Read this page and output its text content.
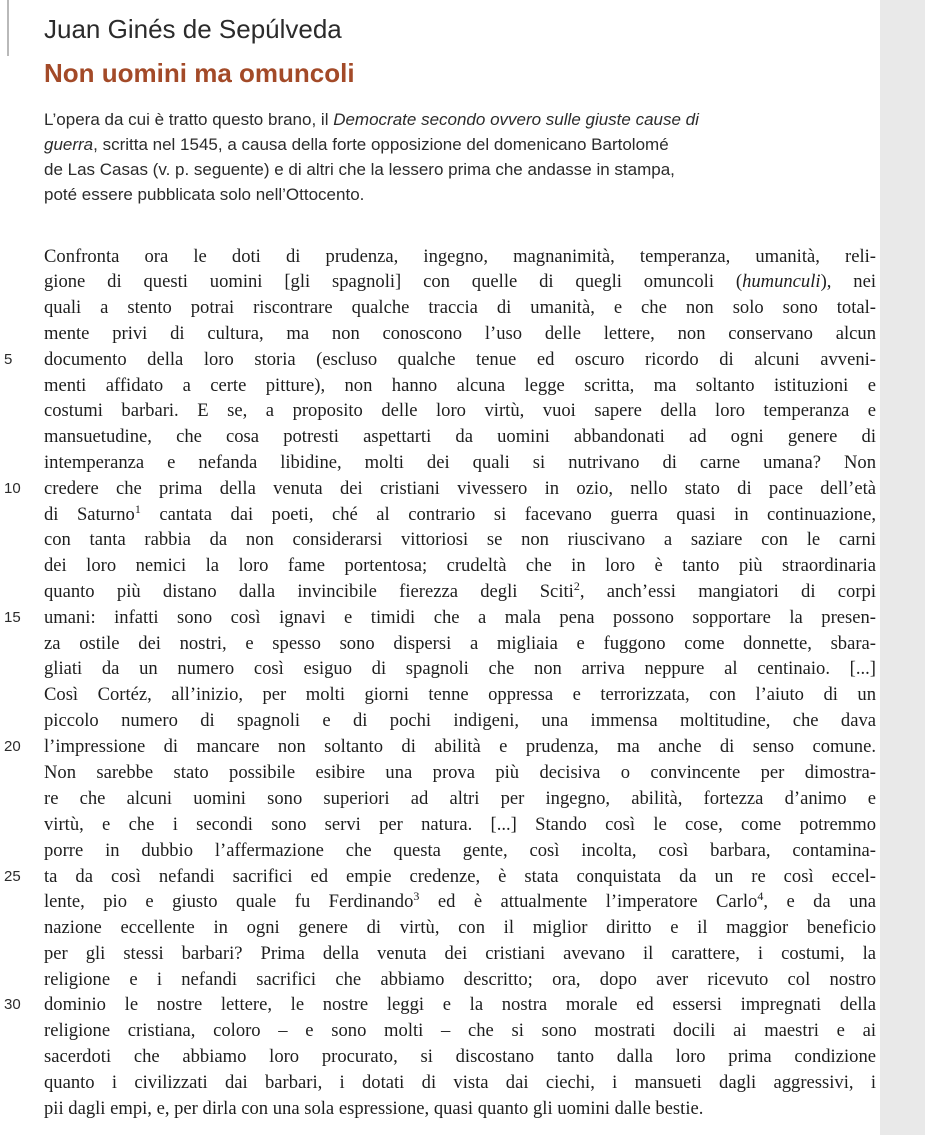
Juan Ginés de Sepúlveda
Non uomini ma omuncoli
L’opera da cui è tratto questo brano, il Democrate secondo ovvero sulle giuste cause di
guerra, scritta nel 1545, a causa della forte opposizione del domenicano Bartolomé
de Las Casas (v. p. seguente) e di altri che la lessero prima che andasse in stampa,
poté essere pubblicata solo nell’Ottocento.
5
10
15
20
25
30
Confronta ora le doti di prudenza, ingegno, magnanimità, temperanza, umanità, reli-
gione di questi uomini [gli spagnoli] con quelle di quegli omuncoli (humunculi), nei
quali a stento potrai riscontrare qualche traccia di umanità, e che non solo sono total-
mente privi di cultura, ma non conoscono l’uso delle lettere, non conservano alcun
documento della loro storia (escluso qualche tenue ed oscuro ricordo di alcuni avveni-
menti affidato a certe pitture), non hanno alcuna legge scritta, ma soltanto istituzioni e
costumi barbari. E se, a proposito delle loro virtù, vuoi sapere della loro temperanza e
mansuetudine, che cosa potresti aspettarti da uomini abbandonati ad ogni genere di
intemperanza e nefanda libidine, molti dei quali si nutrivano di carne umana? Non
credere che prima della venuta dei cristiani vivessero in ozio, nello stato di pace dell’età
di Saturno$^1$ cantata dai poeti, ché al contrario si facevano guerra quasi in continuazione,
con tanta rabbia da non considerarsi vittoriosi se non riuscivano a saziare con le carni
dei loro nemici la loro fame portentosa; crudeltà che in loro è tanto più straordinaria
quanto più distano dalla invincibile fierezza degli Sciti$^2$, anch’essi mangiatori di corpi
umani: infatti sono così ignavi e timidi che a mala pena possono sopportare la presen-
za ostile dei nostri, e spesso sono dispersi a migliaia e fuggono come donnette, sbara-
gliati da un numero così esiguo di spagnoli che non arriva neppure al centinaio. [...]
Così Cortéz, all’inizio, per molti giorni tenne oppressa e terrorizzata, con l’aiuto di un
piccolo numero di spagnoli e di pochi indigeni, una immensa moltitudine, che dava
l’impressione di mancare non soltanto di abilità e prudenza, ma anche di senso comune.
Non sarebbe stato possibile esibire una prova più decisiva o convincente per dimostra-
re che alcuni uomini sono superiori ad altri per ingegno, abilità, fortezza d’animo e
virtù, e che i secondi sono servi per natura. [...] Stando così le cose, come potremmo
porre in dubbio l’affermazione che questa gente, così incolta, così barbara, contamina-
ta da così nefandi sacrifici ed empie credenze, è stata conquistata da un re così eccel-
lente, pio e giusto quale fu Ferdinando$^3$ ed è attualmente l’imperatore Carlo$^4$, e da una
nazione eccellente in ogni genere di virtù, con il miglior diritto e il maggior beneficio
per gli stessi barbari? Prima della venuta dei cristiani avevano il carattere, i costumi, la
religione e i nefandi sacrifici che abbiamo descritto; ora, dopo aver ricevuto col nostro
dominio le nostre lettere, le nostre leggi e la nostra morale ed essersi impregnati della
religione cristiana, coloro – e sono molti – che si sono mostrati docili ai maestri e ai
sacerdoti che abbiamo loro procurato, si discostano tanto dalla loro prima condizione
quanto i civilizzati dai barbari, i dotati di vista dai ciechi, i mansueti dagli aggressivi, i
pii dagli empi, e, per dirla con una sola espressione, quasi quanto gli uomini dalle bestie.
